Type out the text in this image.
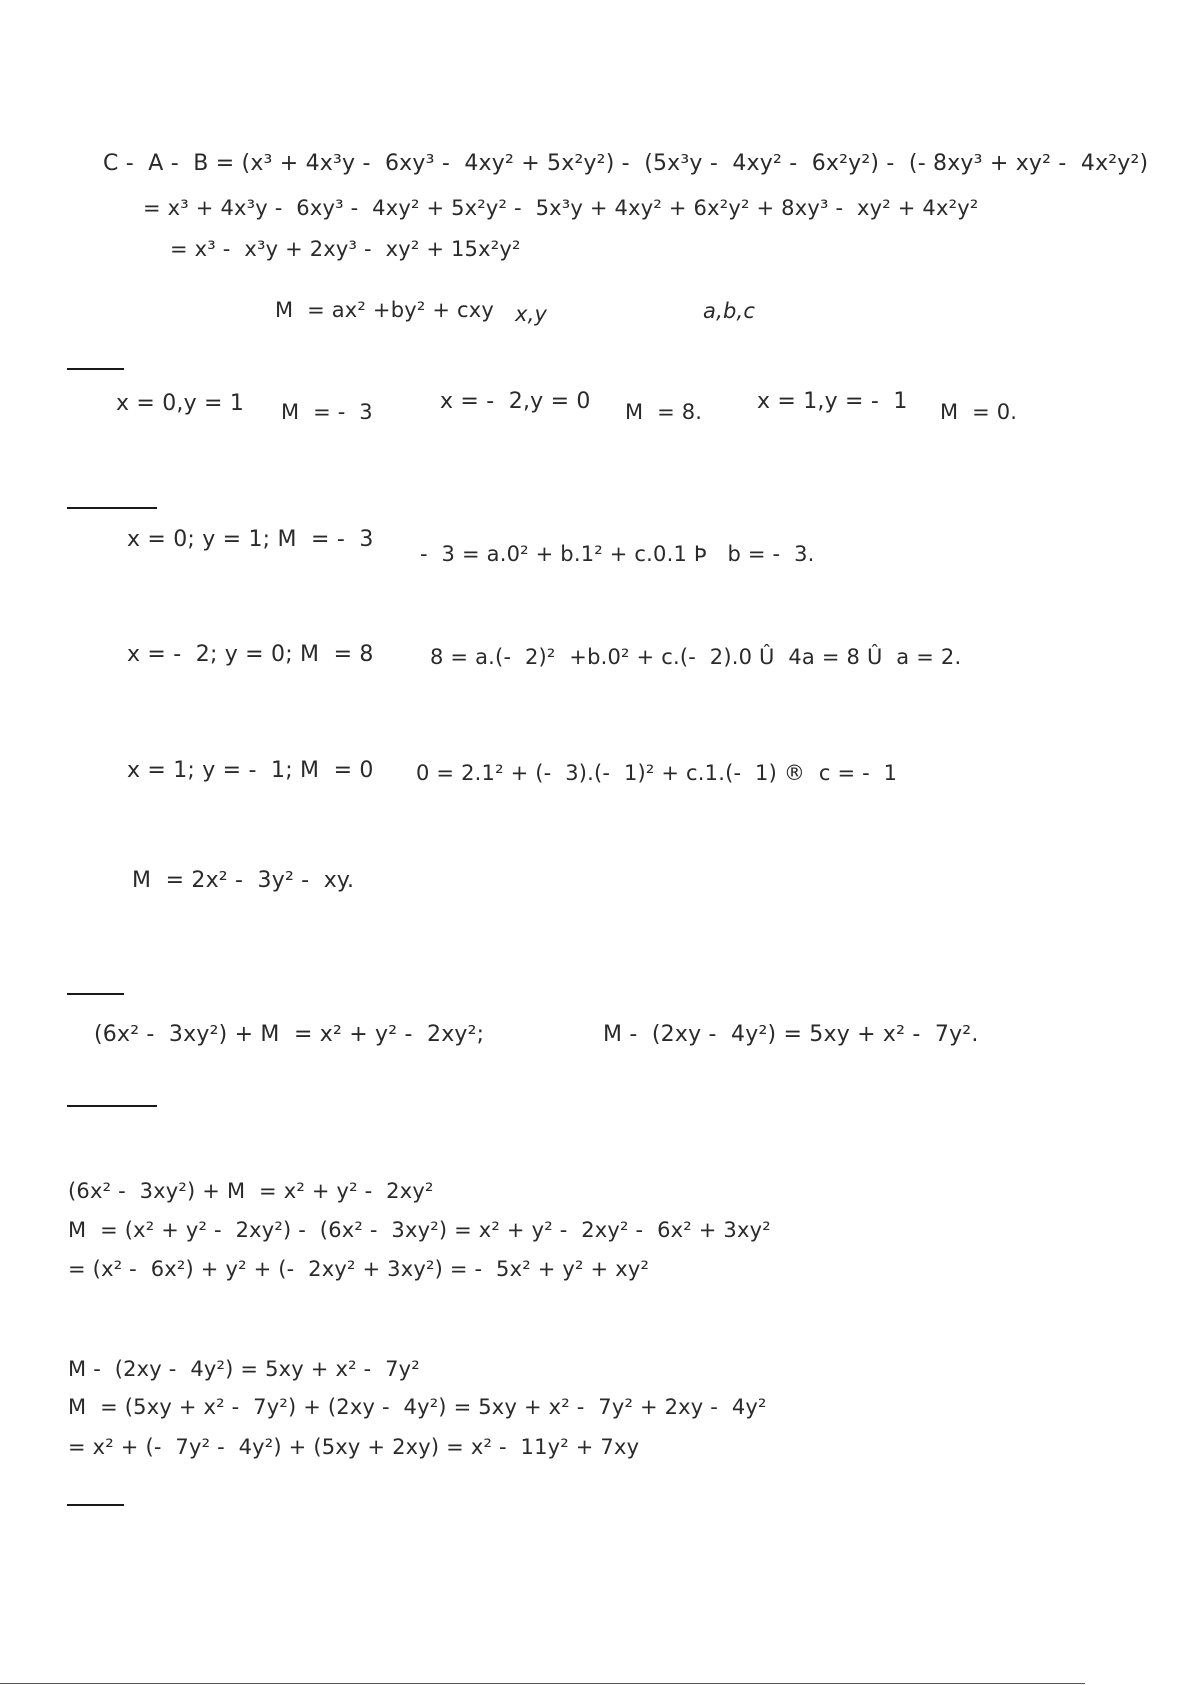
C -  A -  B = (x³ + 4x³y -  6xy³ -  4xy² + 5x²y²) -  (5x³y -  4xy² -  6x²y²) -  (- 8xy³ + xy² -  4x²y²)
= x³ + 4x³y -  6xy³ -  4xy² + 5x²y² -  5x³y + 4xy² + 6x²y² + 8xy³ -  xy² + 4x²y²
= x³ -  x³y + 2xy³ -  xy² + 15x²y²
M  = ax² +by² + cxy x,y	a,b,c
x = 0,y = 1 M  = -  3	x = -  2,y = 0 M  = 8. x = 1,y = -  1 M  = 0.
x = 0; y = 1; M  = -  3
-  3 = a.0² + b.1² + c.0.1 Þ   b = -  3.
x = -  2; y = 0; M  = 8	8 = a.(-  2)²  +b.0² + c.(-  2).0 Û  4a = 8 Û  a = 2.
x = 1; y = -  1; M  = 0 0 = 2.1² + (-  3).(-  1)² + c.1.(-  1) ®  c = -  1
M  = 2x² -  3y² -  xy.
(6x² -  3xy²) + M  = x² + y² -  2xy²;	M -  (2xy -  4y²) = 5xy + x² -  7y².
(6x² -  3xy²) + M  = x² + y² -  2xy²
M  = (x² + y² -  2xy²) -  (6x² -  3xy²) = x² + y² -  2xy² -  6x² + 3xy²
= (x² -  6x²) + y² + (-  2xy² + 3xy²) = -  5x² + y² + xy²
M -  (2xy -  4y²) = 5xy + x² -  7y²
M  = (5xy + x² -  7y²) + (2xy -  4y²) = 5xy + x² -  7y² + 2xy -  4y²
= x² + (-  7y² -  4y²) + (5xy + 2xy) = x² -  11y² + 7xy
